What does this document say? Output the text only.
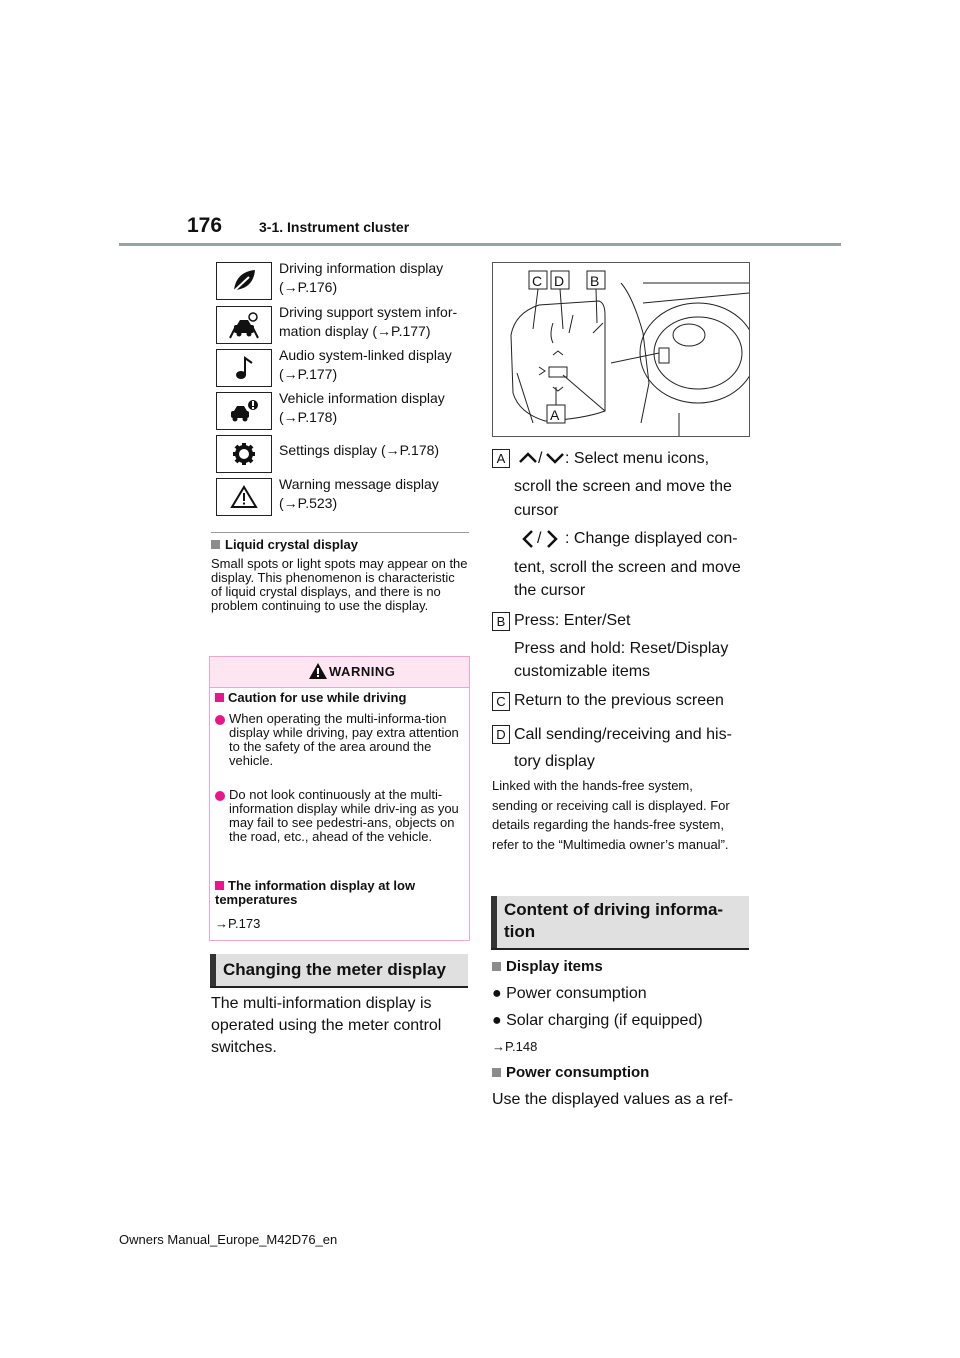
176	3-1. Instrument cluster
Driving information display (→P.176)
Driving support system infor-mation display (→P.177)
Audio system-linked display (→P.177)
Vehicle information display (→P.178)
Settings display (→P.178)
Warning message display (→P.523)
Liquid crystal display
Small spots or light spots may appear on the display. This phenomenon is characteristic of liquid crystal displays, and there is no problem continuing to use the display.
WARNING
Caution for use while driving
When operating the multi-informa-tion display while driving, pay extra attention to the safety of the area around the vehicle.
Do not look continuously at the multi-information display while driv-ing as you may fail to see pedestri-ans, objects on the road, etc., ahead of the vehicle.
The information display at low temperatures
→P.173
Changing the meter display
The multi-information display is operated using the meter control switches.
C D B
A
A / : Select menu icons,
scroll the screen and move the
cursor
/ : Change displayed con-
tent, scroll the screen and move
the cursor
B Press: Enter/Set
Press and hold: Reset/Display
customizable items
C Return to the previous screen
D Call sending/receiving and his-
tory display
Linked with the hands-free system, sending or receiving call is displayed. For details regarding the hands-free system, refer to the “Multimedia owner’s manual”.
Content of driving informa-tion
Display items
● Power consumption
● Solar charging (if equipped)
→P.148
Power consumption
Use the displayed values as a ref-
Owners Manual_Europe_M42D76_en
